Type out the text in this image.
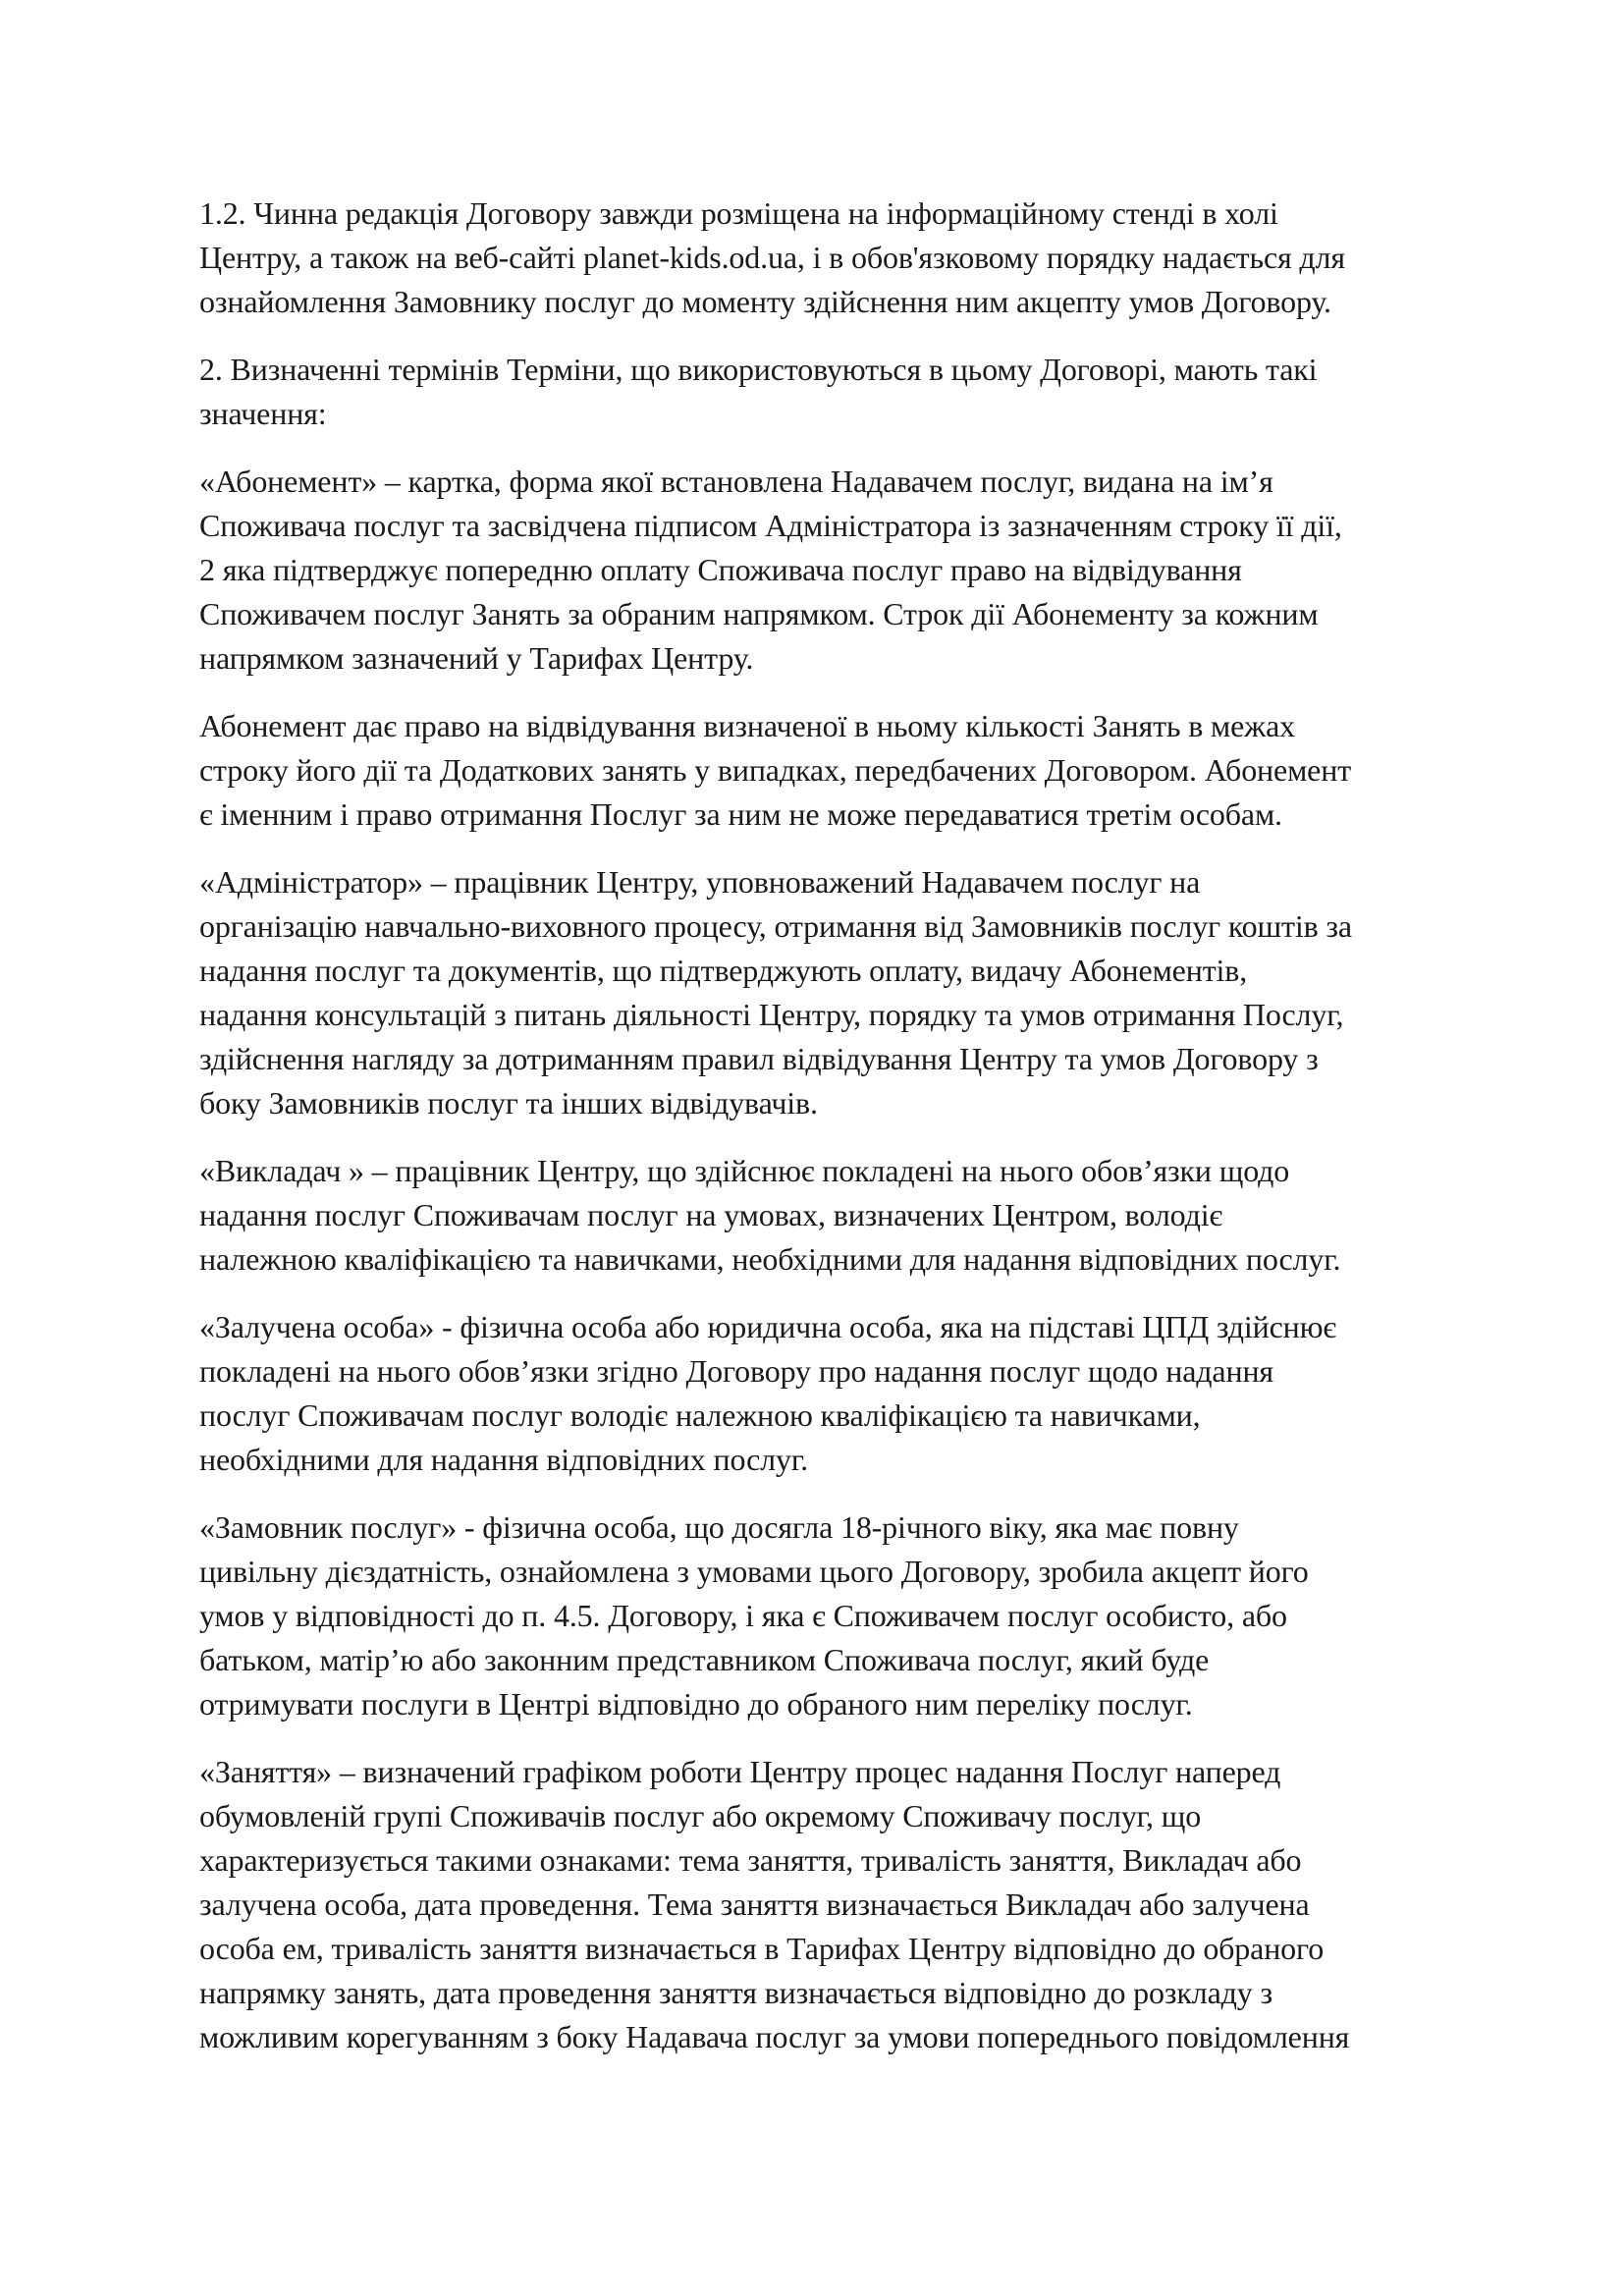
1.2. Чинна редакція Договору завжди розміщена на інформаційному стенді в холі
Центру, а також на веб-сайті planet-kids.od.ua, і в обов'язковому порядку надається для
ознайомлення Замовнику послуг до моменту здійснення ним акцепту умов Договору.

2. Визначенні термінів Терміни, що використовуються в цьому Договорі, мають такі
значення:

«Абонемент» – картка, форма якої встановлена Надавачем послуг, видана на ім’я
Споживача послуг та засвідчена підписом Адміністратора із зазначенням строку її дії,
2 яка підтверджує попередню оплату Споживача послуг право на відвідування
Споживачем послуг Занять за обраним напрямком. Строк дії Абонементу за кожним
напрямком зазначений у Тарифах Центру.

Абонемент дає право на відвідування визначеної в ньому кількості Занять в межах
строку його дії та Додаткових занять у випадках, передбачених Договором. Абонемент
є іменним і право отримання Послуг за ним не може передаватися третім особам.

«Адміністратор» – працівник Центру, уповноважений Надавачем послуг на
організацію навчально-виховного процесу, отримання від Замовників послуг коштів за
надання послуг та документів, що підтверджують оплату, видачу Абонементів,
надання консультацій з питань діяльності Центру, порядку та умов отримання Послуг,
здійснення нагляду за дотриманням правил відвідування Центру та умов Договору з
боку Замовників послуг та інших відвідувачів.

«Викладач » – працівник Центру, що здійснює покладені на нього обов’язки щодо
надання послуг Споживачам послуг на умовах, визначених Центром, володіє
належною кваліфікацією та навичками, необхідними для надання відповідних послуг.

«Залучена особа» - фізична особа або юридична особа, яка на підставі ЦПД здійснює
покладені на нього обов’язки згідно Договору про надання послуг щодо надання
послуг Споживачам послуг володіє належною кваліфікацією та навичками,
необхідними для надання відповідних послуг.

«Замовник послуг» - фізична особа, що досягла 18-річного віку, яка має повну
цивільну дієздатність, ознайомлена з умовами цього Договору, зробила акцепт його
умов у відповідності до п. 4.5. Договору, і яка є Споживачем послуг особисто, або
батьком, матір’ю або законним представником Споживача послуг, який буде
отримувати послуги в Центрі відповідно до обраного ним переліку послуг.

«Заняття» – визначений графіком роботи Центру процес надання Послуг наперед
обумовленій групі Споживачів послуг або окремому Споживачу послуг, що
характеризується такими ознаками: тема заняття, тривалість заняття, Викладач або
залучена особа, дата проведення. Тема заняття визначається Викладач або залучена
особа ем, тривалість заняття визначається в Тарифах Центру відповідно до обраного
напрямку занять, дата проведення заняття визначається відповідно до розкладу з
можливим корегуванням з боку Надавача послуг за умови попереднього повідомлення
